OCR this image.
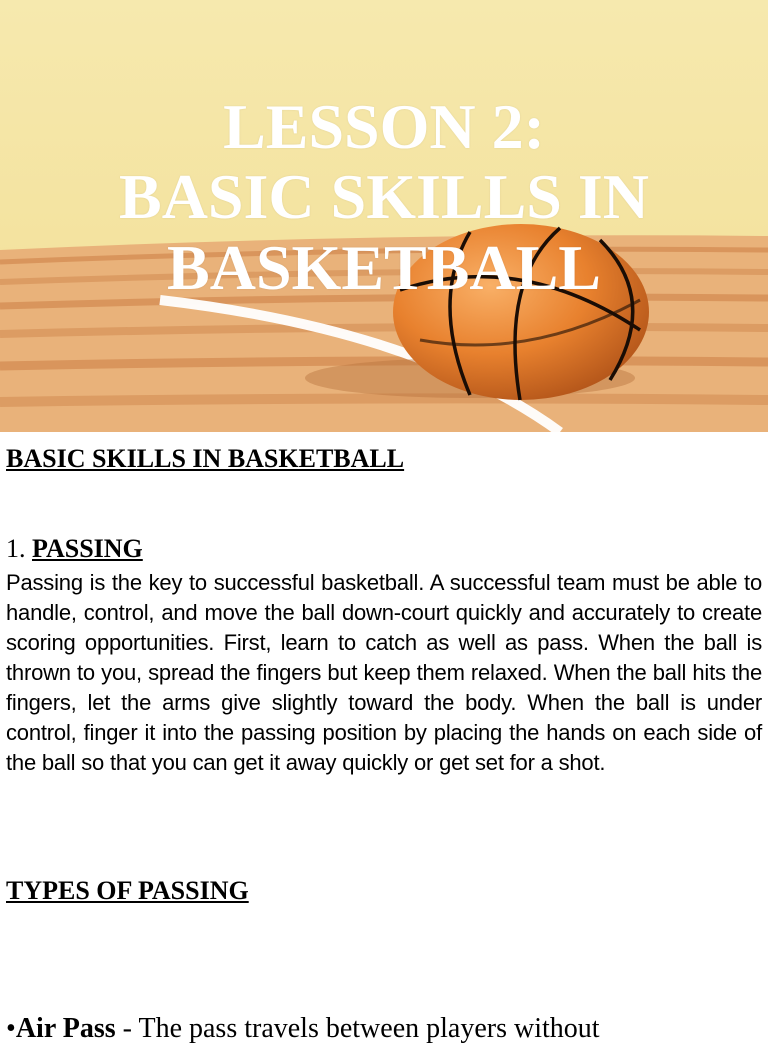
LESSON 2:
BASIC SKILLS IN
BASKETBALL
BASIC SKILLS IN BASKETBALL

1. PASSING

Passing is the key to successful basketball. A successful team must be able to handle, control, and move the ball down-court quickly and accurately to create scoring opportunities. First, learn to catch as well as pass. When the ball is thrown to you, spread the fingers but keep them relaxed. When the ball hits the fingers, let the arms give slightly toward the body. When the ball is under control, finger it into the passing position by placing the hands on each side of the ball so that you can get it away quickly or get set for a shot.

TYPES OF PASSING

•Air Pass - The pass travels between players without
